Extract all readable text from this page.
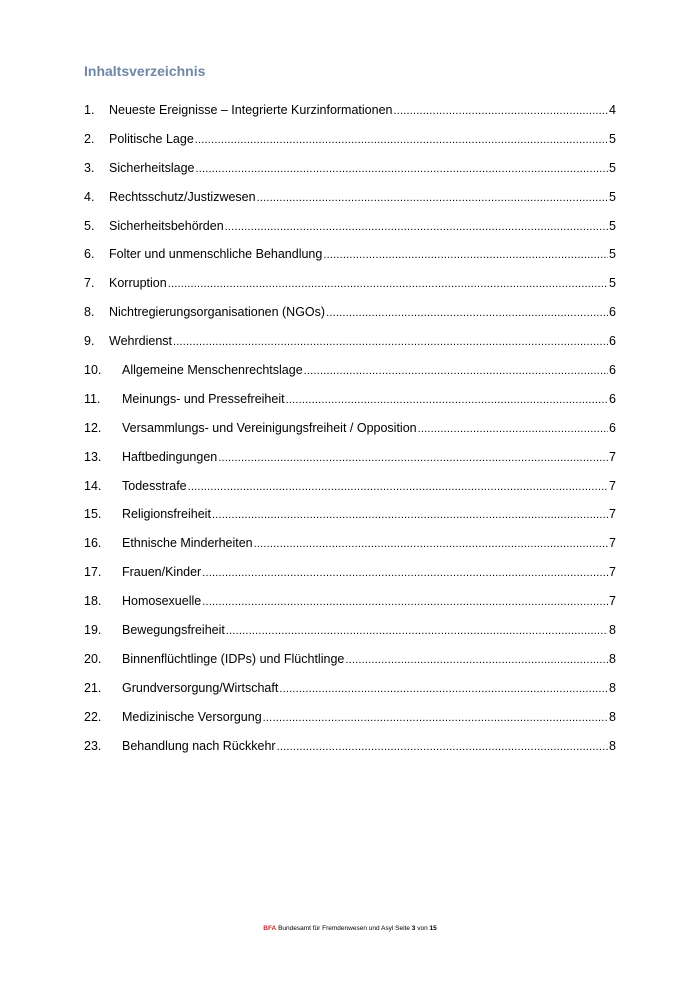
Inhaltsverzeichnis
1.	Neueste Ereignisse – Integrierte Kurzinformationen .....	4
2.	Politische Lage .....	5
3.	Sicherheitslage .....	5
4.	Rechtsschutz/Justizwesen .....	5
5.	Sicherheitsbehörden .....	5
6.	Folter und unmenschliche Behandlung .....	5
7.	Korruption .....	5
8.	Nichtregierungsorganisationen (NGOs) .....	6
9.	Wehrdienst .....	6
10.	Allgemeine Menschenrechtslage .....	6
11.	Meinungs- und Pressefreiheit .....	6
12.	Versammlungs- und Vereinigungsfreiheit / Opposition .....	6
13.	Haftbedingungen .....	7
14.	Todesstrafe .....	7
15.	Religionsfreiheit .....	7
16.	Ethnische Minderheiten .....	7
17.	Frauen/Kinder .....	7
18.	Homosexuelle .....	7
19.	Bewegungsfreiheit .....	8
20.	Binnenflüchtlinge (IDPs) und Flüchtlinge .....	8
21.	Grundversorgung/Wirtschaft .....	8
22.	Medizinische Versorgung .....	8
23.	Behandlung nach Rückkehr .....	8
BFA Bundesamt für Fremdenwesen und Asyl Seite 3 von 15
